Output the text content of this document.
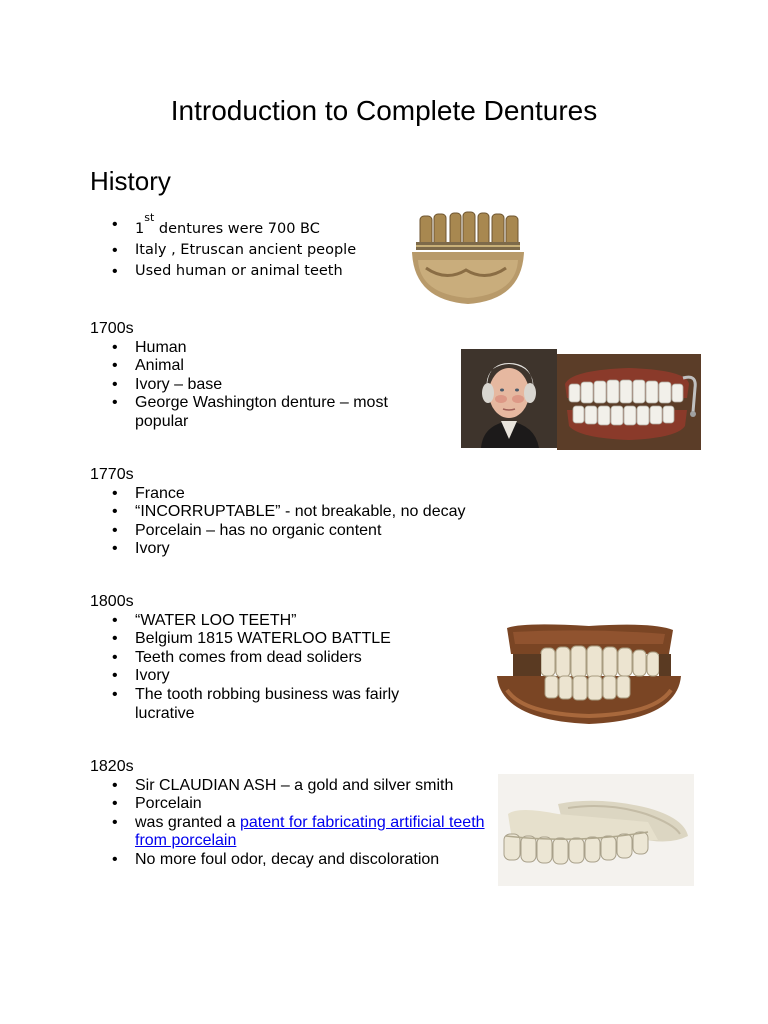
Introduction to Complete Dentures
History
• 1st dentures were 700 BC
• Italy , Etruscan ancient people
• Used human or animal teeth
1700s
• Human
• Animal
• Ivory – base
• George Washington denture – most popular
1770s
• France
• “INCORRUPTABLE” - not breakable, no decay
• Porcelain – has no organic content
• Ivory
1800s
• “WATER LOO TEETH”
• Belgium 1815 WATERLOO BATTLE
• Teeth comes from dead soliders
• Ivory
• The tooth robbing business was fairly lucrative
1820s
• Sir CLAUDIAN ASH – a gold and silver smith
• Porcelain
• was granted a patent for fabricating artificial teeth from porcelain
• No more foul odor, decay and discoloration
